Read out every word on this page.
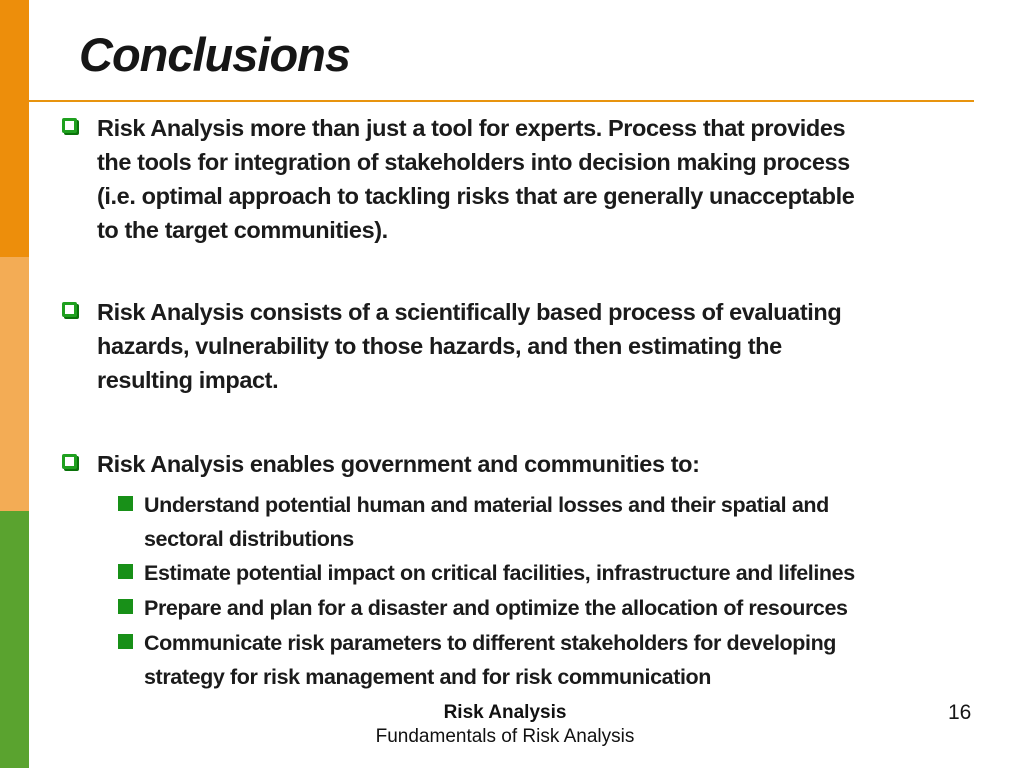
Conclusions
Risk Analysis more than just a tool for experts. Process that provides
the tools for integration of stakeholders into decision making process
(i.e. optimal approach to tackling risks that are generally unacceptable
to the target communities).
Risk Analysis consists of a scientifically based process of evaluating
hazards, vulnerability to those hazards, and then estimating the
resulting impact.
Risk Analysis enables government and communities to:
Understand potential human and material losses and their spatial and
sectoral distributions
Estimate potential impact on critical facilities, infrastructure and lifelines
Prepare and plan for a disaster and optimize the allocation of resources
Communicate risk parameters to different stakeholders for developing
strategy for risk management and for risk communication
Risk Analysis
Fundamentals of Risk Analysis
16
